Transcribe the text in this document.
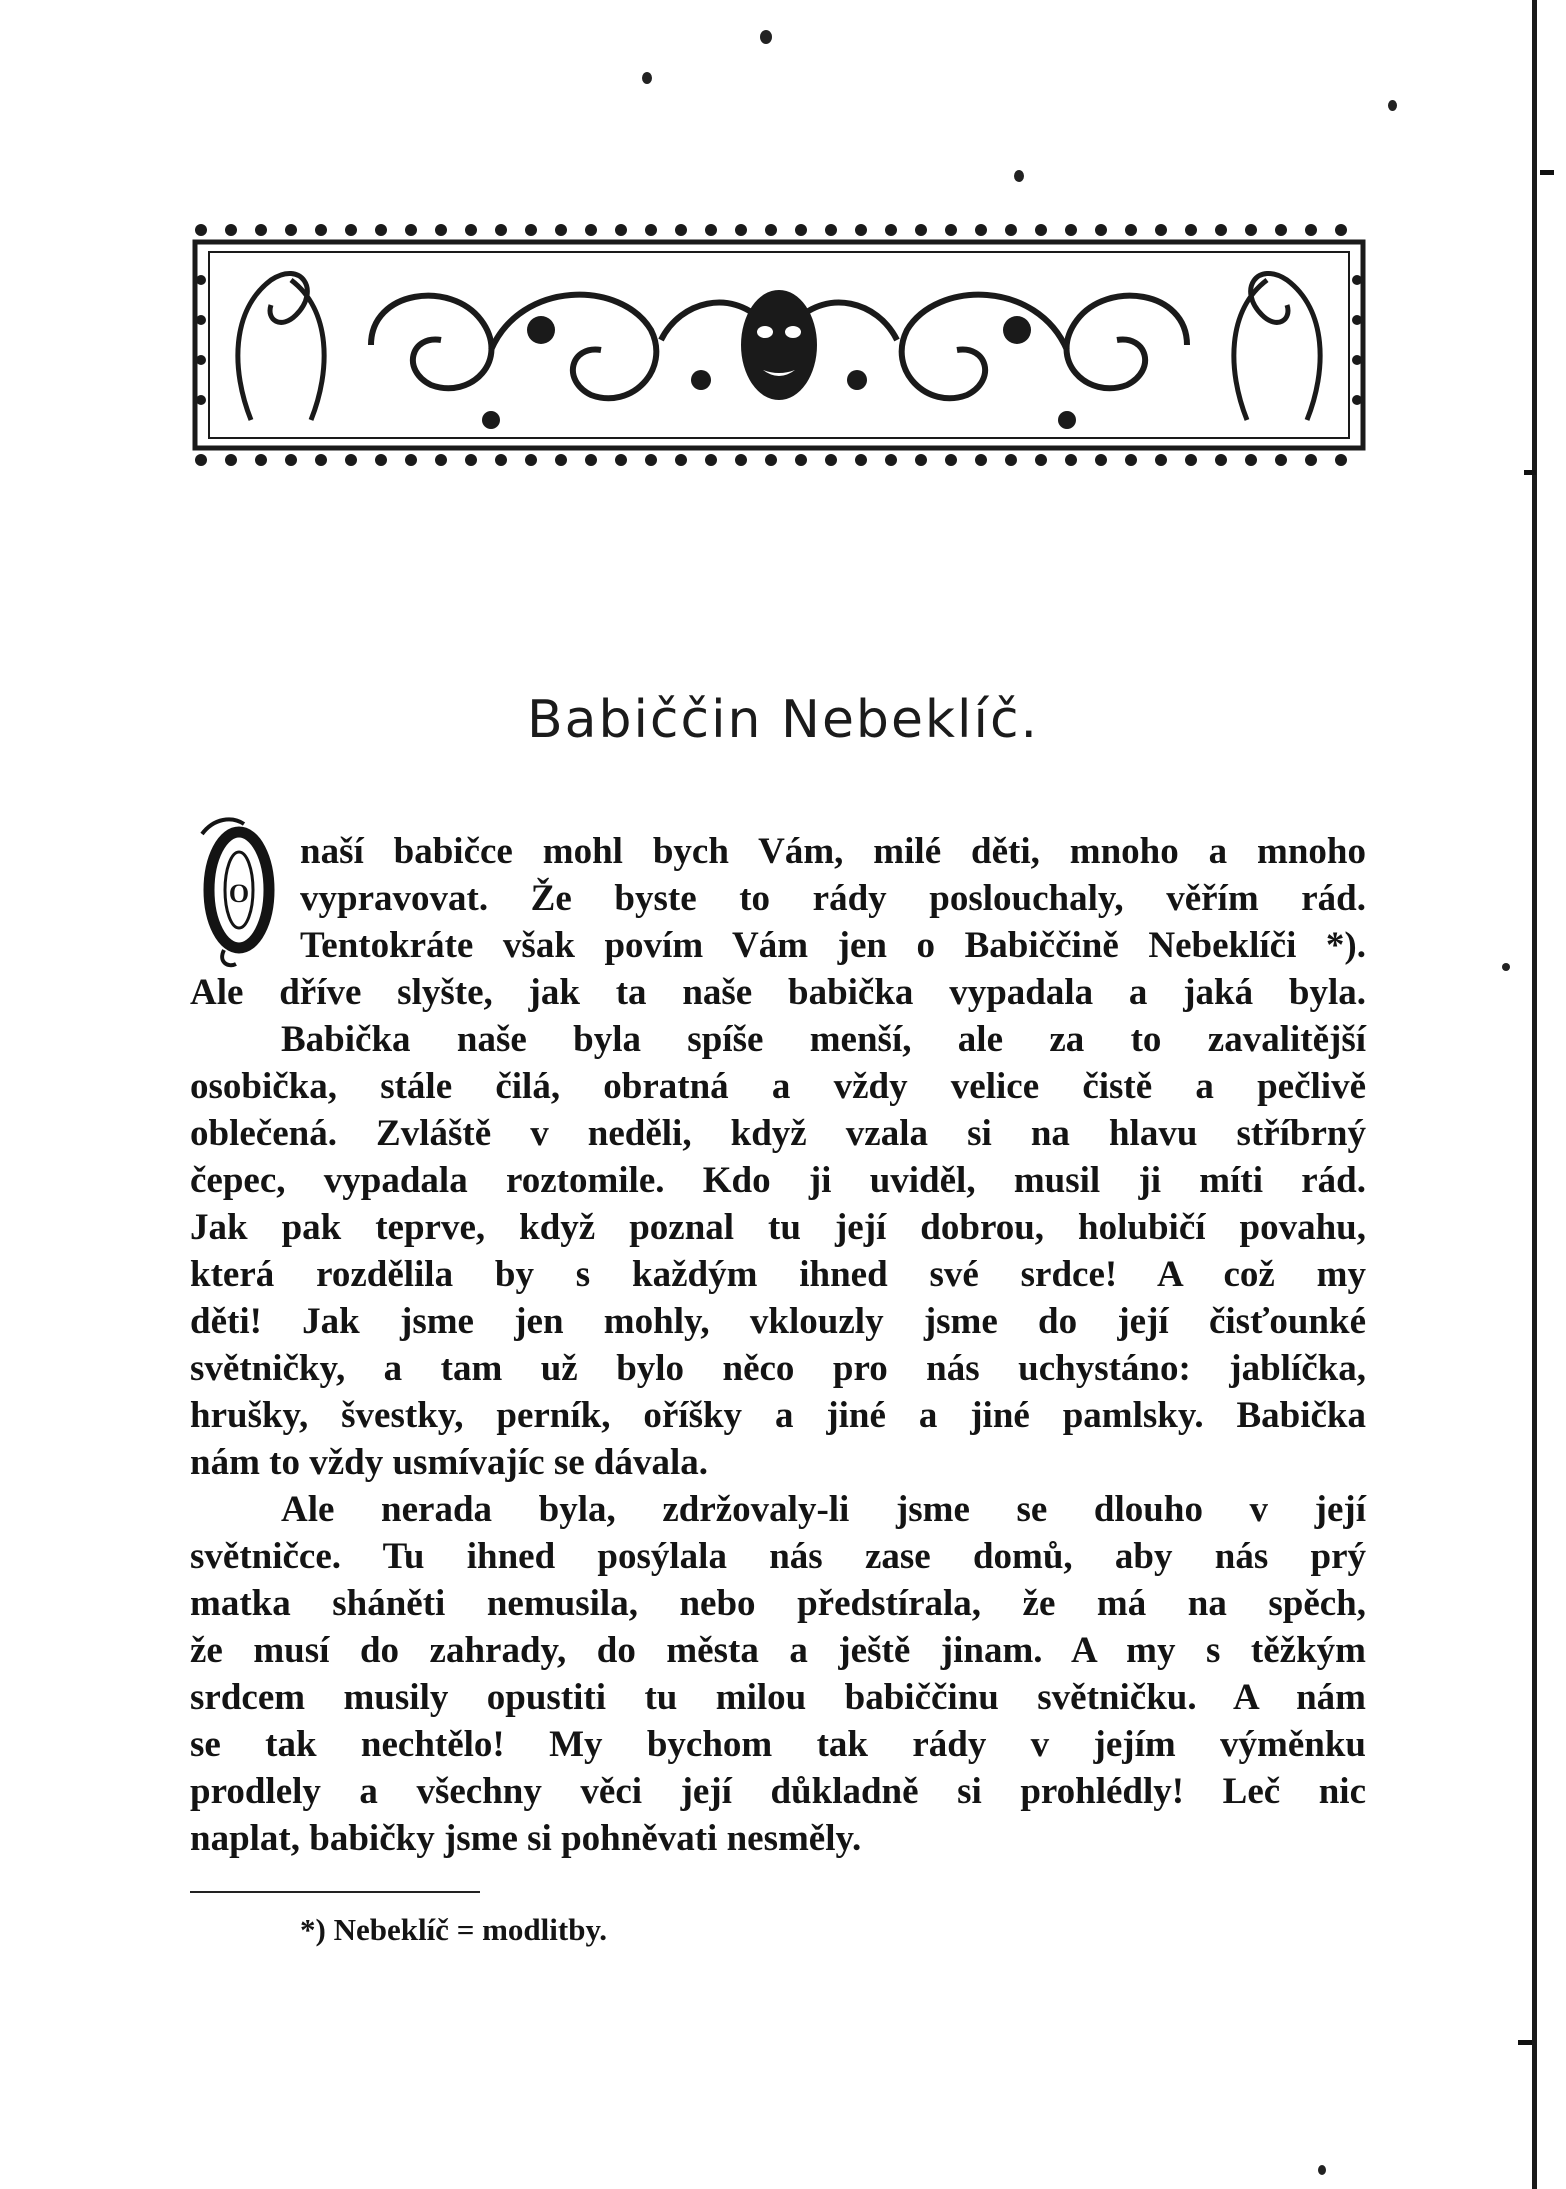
Babiččin Nebeklíč.
O
naší babičce mohl bych Vám, milé děti, mnoho a mnoho
vypravovat. Že byste to rády poslouchaly, věřím rád.
Tentokráte však povím Vám jen o Babiččině Nebeklíči *).
Ale dříve slyšte, jak ta naše babička vypadala a jaká byla.
Babička naše byla spíše menší, ale za to zavalitější
osobička, stále čilá, obratná a vždy velice čistě a pečlivě
oblečená. Zvláště v neděli, když vzala si na hlavu stříbrný
čepec, vypadala roztomile. Kdo ji uviděl, musil ji míti rád.
Jak pak teprve, když poznal tu její dobrou, holubičí povahu,
která rozdělila by s každým ihned své srdce! A což my
děti! Jak jsme jen mohly, vklouzly jsme do její čisťounké
světničky, a tam už bylo něco pro nás uchystáno: jablíčka,
hrušky, švestky, perník, oříšky a jiné a jiné pamlsky. Babička
nám to vždy usmívajíc se dávala.
Ale nerada byla, zdržovaly-li jsme se dlouho v její
světničce. Tu ihned posýlala nás zase domů, aby nás prý
matka sháněti nemusila, nebo předstírala, že má na spěch,
že musí do zahrady, do města a ještě jinam. A my s těžkým
srdcem musily opustiti tu milou babiččinu světničku. A nám
se tak nechtělo! My bychom tak rády v jejím výměnku
prodlely a všechny věci její důkladně si prohlédly! Leč nic
naplat, babičky jsme si pohněvati nesměly.
*) Nebeklíč = modlitby.
